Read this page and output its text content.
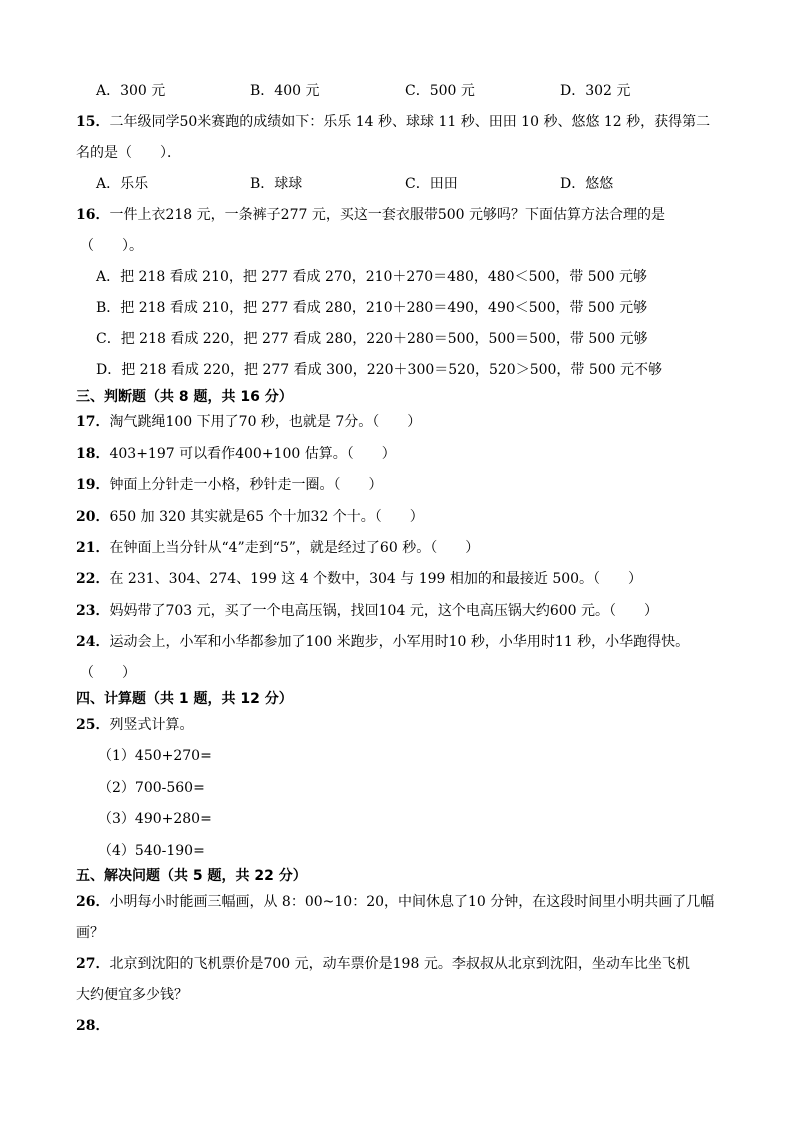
A．300 元	B．400 元	C．500 元	D．302 元
15．二年级同学50米赛跑的成绩如下：乐乐 14 秒、球球 11 秒、田田 10 秒、悠悠 12 秒，获得第二
名的是（　　）．
A．乐乐	B．球球	C．田田	D．悠悠
16．一件上衣218 元，一条裤子277 元，买这一套衣服带500 元够吗？下面估算方法合理的是
（　　）。
A．把 218 看成 210，把 277 看成 270，210＋270＝480，480＜500，带 500 元够
B．把 218 看成 210，把 277 看成 280，210＋280＝490，490＜500，带 500 元够
C．把 218 看成 220，把 277 看成 280，220＋280＝500，500＝500，带 500 元够
D．把 218 看成 220，把 277 看成 300，220＋300＝520，520＞500，带 500 元不够
三、判断题（共 8 题，共 16 分）
17．淘气跳绳100 下用了70 秒，也就是 7分。（　　）
18．403+197 可以看作400+100 估算。（　　）
19．钟面上分针走一小格，秒针走一圈。（　　）
20．650 加 320 其实就是65 个十加32 个十。（　　）
21．在钟面上当分针从“4”走到“5”，就是经过了60 秒。（　　）
22．在 231、304、274、199 这 4 个数中，304 与 199 相加的和最接近 500。（　　）
23．妈妈带了703 元，买了一个电高压锅，找回104 元，这个电高压锅大约600 元。（　　）
24．运动会上，小军和小华都参加了100 米跑步，小军用时10 秒，小华用时11 秒，小华跑得快。
（　　）
四、计算题（共 1 题，共 12 分）
25．列竖式计算。
（1）450+270=
（2）700-560=
（3）490+280=
（4）540-190=
五、解决问题（共 5 题，共 22 分）
26．小明每小时能画三幅画，从 8：00~10：20，中间休息了10 分钟，在这段时间里小明共画了几幅
画？
27．北京到沈阳的飞机票价是700 元，动车票价是198 元。李叔叔从北京到沈阳，坐动车比坐飞机
大约便宜多少钱？
28．
